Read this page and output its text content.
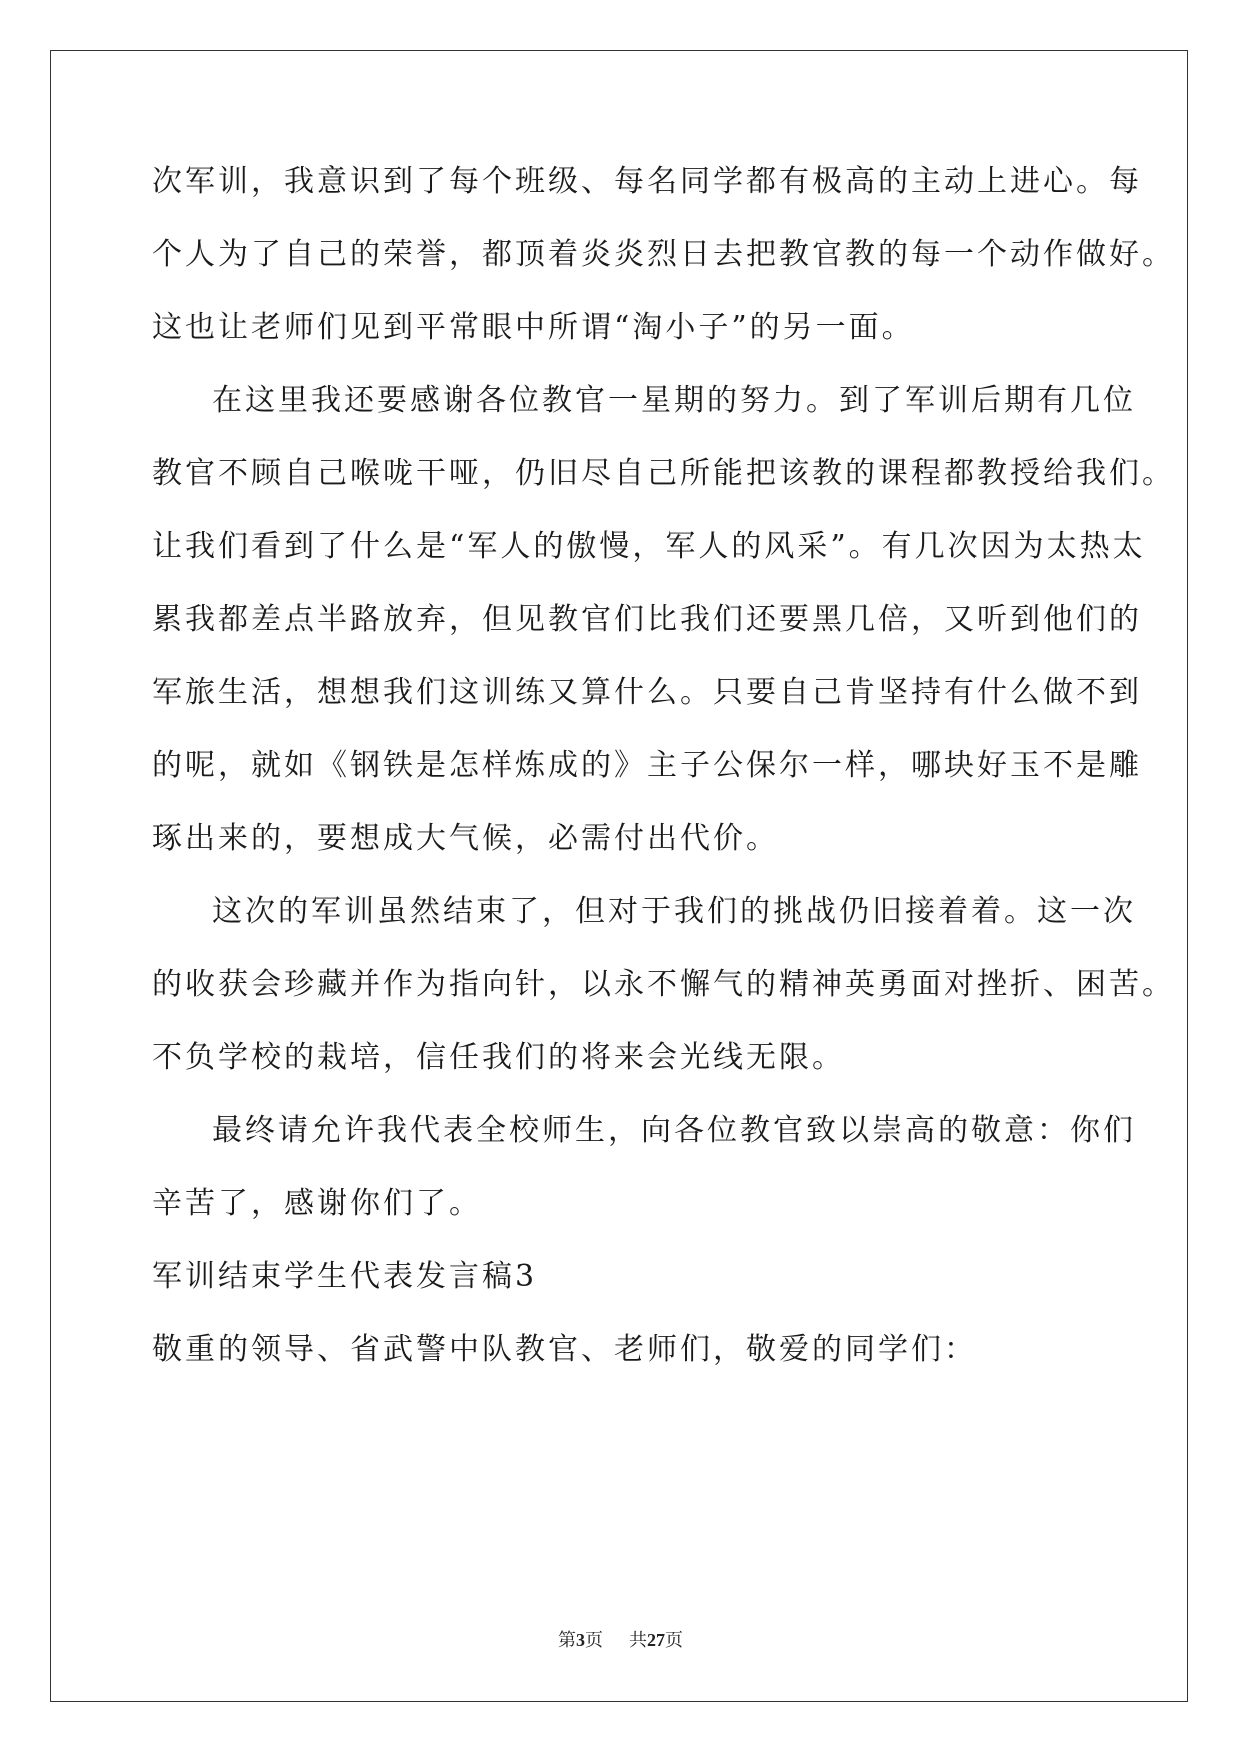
次军训，我意识到了每个班级、每名同学都有极高的主动上进心。每
个人为了自己的荣誉，都顶着炎炎烈日去把教官教的每一个动作做好。
这也让老师们见到平常眼中所谓“淘小子”的另一面。
在这里我还要感谢各位教官一星期的努力。到了军训后期有几位
教官不顾自己喉咙干哑，仍旧尽自己所能把该教的课程都教授给我们。
让我们看到了什么是“军人的傲慢，军人的风采”。有几次因为太热太
累我都差点半路放弃，但见教官们比我们还要黑几倍，又听到他们的
军旅生活，想想我们这训练又算什么。只要自己肯坚持有什么做不到
的呢，就如《钢铁是怎样炼成的》主子公保尔一样，哪块好玉不是雕
琢出来的，要想成大气候，必需付出代价。
这次的军训虽然结束了，但对于我们的挑战仍旧接着着。这一次
的收获会珍藏并作为指向针，以永不懈气的精神英勇面对挫折、困苦。
不负学校的栽培，信任我们的将来会光线无限。
最终请允许我代表全校师生，向各位教官致以崇高的敬意：你们
辛苦了，感谢你们了。
军训结束学生代表发言稿3
敬重的领导、省武警中队教官、老师们，敬爱的同学们：
第3页 共27页
